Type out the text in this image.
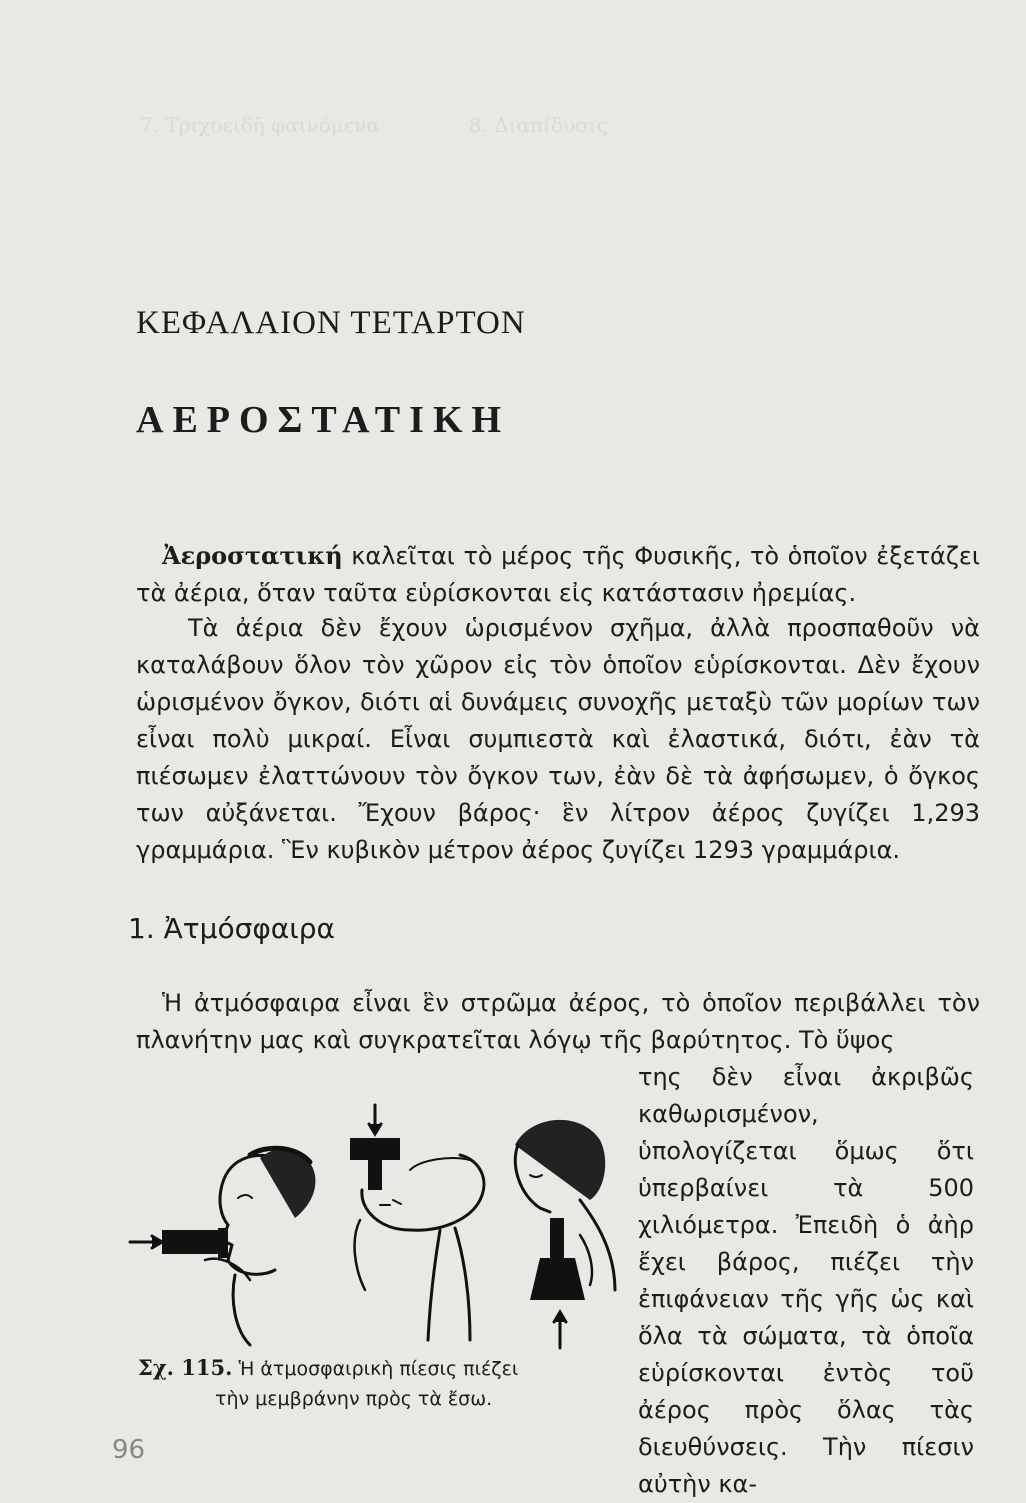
7. Τριχοειδῆ φαινόμενα              8. Διαπίδυσις
ΚΕΦΑΛΑΙΟΝ ΤΕΤΑΡΤΟΝ
ΑΕΡΟΣΤΑΤΙΚΗ

Ἀεροστατική καλεῖται τὸ μέρος τῆς Φυσικῆς, τὸ ὁποῖον ἐξετάζει τὰ ἀέρια, ὅταν ταῦτα εὑρίσκονται εἰς κατάστασιν ἠρεμίας.

Τὰ ἀέρια δὲν ἔχουν ὡρισμένον σχῆμα, ἀλλὰ προσπαθοῦν νὰ καταλάβουν ὅλον τὸν χῶρον εἰς τὸν ὁποῖον εὑρίσκονται. Δὲν ἔχουν ὡρισμένον ὄγκον, διότι αἱ δυνάμεις συνοχῆς μεταξὺ τῶν μορίων των εἶναι πολὺ μικραί. Εἶναι συμπιεστὰ καὶ ἐλαστικά, διότι, ἐὰν τὰ πιέσωμεν ἐλαττώνουν τὸν ὄγκον των, ἐὰν δὲ τὰ ἀφήσωμεν, ὁ ὄγκος των αὐξάνεται. Ἔχουν βάρος· ἓν λίτρον ἀέρος ζυγίζει 1,293 γραμμάρια. Ἓν κυβικὸν μέτρον ἀέρος ζυγίζει 1293 γραμμάρια.

1. Ἀτμόσφαιρα

Ἡ ἀτμόσφαιρα εἶναι ἓν στρῶμα ἀέρος, τὸ ὁποῖον περιβάλλει τὸν πλανήτην μας καὶ συγκρατεῖται λόγῳ τῆς βαρύτητος. Τὸ ὕψος

της δὲν εἶναι ἀκριβῶς καθωρισμένον, ὑπολογίζεται ὅμως ὅτι ὑπερβαίνει τὰ 500 χιλιόμετρα. Ἐπειδὴ ὁ ἀὴρ ἔχει βάρος, πιέζει τὴν ἐπιφάνειαν τῆς γῆς ὡς καὶ ὅλα τὰ σώματα, τὰ ὁποῖα εὑρίσκονται ἐντὸς τοῦ ἀέρος πρὸς ὅλας τὰς διευθύνσεις. Τὴν πίεσιν αὐτὴν κα-

Σχ. 115. Ἡ ἀτμοσφαιρικὴ πίεσις πιέζει

τὴν μεμβράνην πρὸς τὰ ἔσω.

96
